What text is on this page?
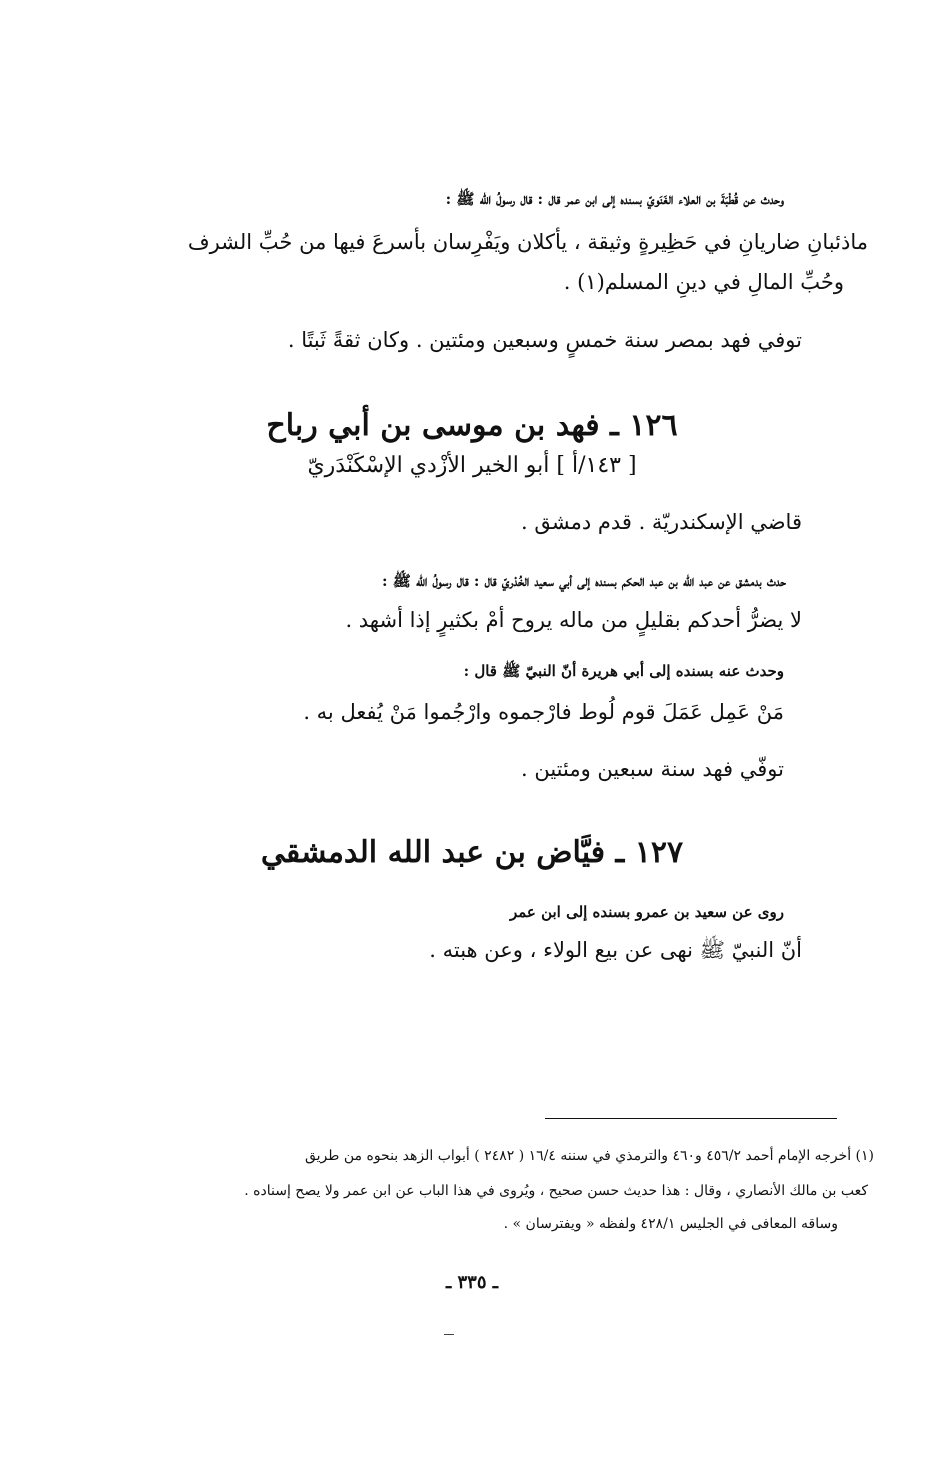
وحدث عن قُطْبَةَ بن العلاء الغَنَويّ بسنده إلى ابن عمر قال : قال رسولُ الله ﷺ :
ماذئبانِ ضاريانِ في حَظِيرةٍ وثيقة ، يأكلان ويَفْرِسان بأسرعَ فيها من حُبِّ الشرف
وحُبِّ المالِ في دينِ المسلم(١) .
توفي فهد بمصر سنة خمسٍ وسبعين ومئتين . وكان ثقةً ثَبتًا .
١٢٦ ـ فهد بن موسى بن أبي رباح
[ ١٤٣/أ ] أبو الخير الأزْدي الإسْكَنْدَريّ
قاضي الإسكندريّة . قدم دمشق .
حدث بدمشق عن عبد الله بن عبد الحكم بسنده إلى أبي سعيد الخُدْريّ قال : قال رسولُ الله ﷺ :
لا يضرُّ أحدكم بقليلٍ من ماله يروح أمْ بكثيرٍ إذا أشهد .
وحدث عنه بسنده إلى أبي هريرة أنّ النبيّ ﷺ قال :
مَنْ عَمِل عَمَلَ قوم لُوط فارْجموه وارْجُموا مَنْ يُفعل به .
توفّي فهد سنة سبعين ومئتين .
١٢٧ ـ فيَّاض بن عبد الله الدمشقي
روى عن سعيد بن عمرو بسنده إلى ابن عمر
أنّ النبيّ ﷺ نهى عن بيع الولاء ، وعن هبته .
(١) أخرجه الإمام أحمد ٤٥٦/٢ و٤٦٠ والترمذي في سننه ١٦/٤ ( ٢٤٨٢ ) أبواب الزهد بنحوه من طريق
كعب بن مالك الأنصاري ، وقال : هذا حديث حسن صحيح ، ويُروى في هذا الباب عن ابن عمر ولا يصح إسناده .
وساقه المعافى في الجليس ٤٢٨/١ ولفظه « ويفترسان » .
ـ ٣٣٥ ـ
